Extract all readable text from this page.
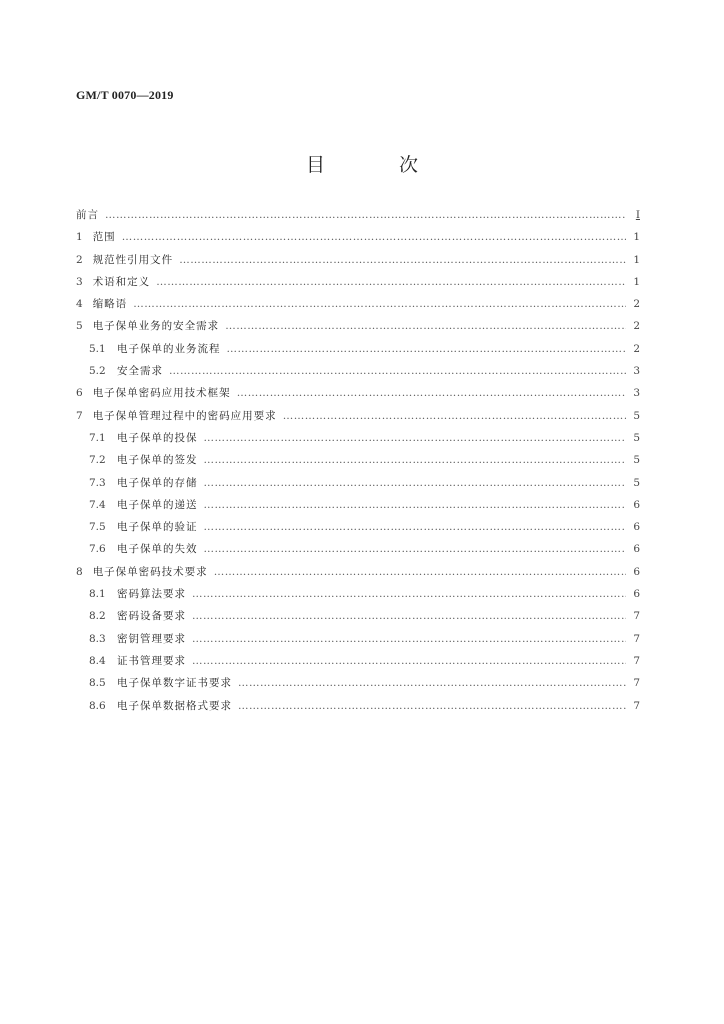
GM/T 0070—2019
目 次
前言 …………………………………………………………………………………………………………………………………………………………………………	Ⅰ
1 范围 …………………………………………………………………………………………………………………………………………………………………………	1
2 规范性引用文件 …………………………………………………………………………………………………………………………………………………………………………	1
3 术语和定义 …………………………………………………………………………………………………………………………………………………………………………	1
4 缩略语 …………………………………………………………………………………………………………………………………………………………………………	2
5 电子保单业务的安全需求 …………………………………………………………………………………………………………………………………………………………………………	2
5.1 电子保单的业务流程 …………………………………………………………………………………………………………………………………………………………………………	2
5.2 安全需求 …………………………………………………………………………………………………………………………………………………………………………	3
6 电子保单密码应用技术框架 …………………………………………………………………………………………………………………………………………………………………………	3
7 电子保单管理过程中的密码应用要求 …………………………………………………………………………………………………………………………………………………………………………	5
7.1 电子保单的投保 …………………………………………………………………………………………………………………………………………………………………………	5
7.2 电子保单的签发 …………………………………………………………………………………………………………………………………………………………………………	5
7.3 电子保单的存储 …………………………………………………………………………………………………………………………………………………………………………	5
7.4 电子保单的递送 …………………………………………………………………………………………………………………………………………………………………………	6
7.5 电子保单的验证 …………………………………………………………………………………………………………………………………………………………………………	6
7.6 电子保单的失效 …………………………………………………………………………………………………………………………………………………………………………	6
8 电子保单密码技术要求 …………………………………………………………………………………………………………………………………………………………………………	6
8.1 密码算法要求 …………………………………………………………………………………………………………………………………………………………………………	6
8.2 密码设备要求 …………………………………………………………………………………………………………………………………………………………………………	7
8.3 密钥管理要求 …………………………………………………………………………………………………………………………………………………………………………	7
8.4 证书管理要求 …………………………………………………………………………………………………………………………………………………………………………	7
8.5 电子保单数字证书要求 …………………………………………………………………………………………………………………………………………………………………………	7
8.6 电子保单数据格式要求 …………………………………………………………………………………………………………………………………………………………………………	7
